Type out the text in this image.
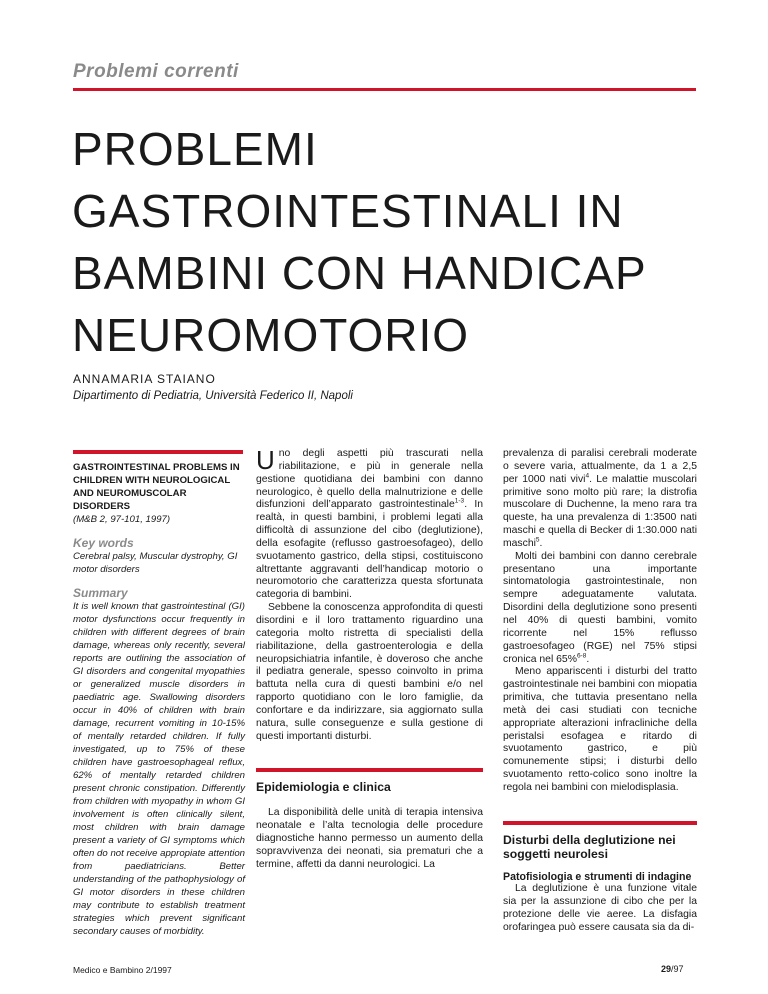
Problemi correnti

PROBLEMI
GASTROINTESTINALI IN
BAMBINI CON HANDICAP
NEUROMOTORIO

ANNAMARIA STAIANO

Dipartimento di Pediatria, Università Federico II, Napoli

GASTROINTESTINAL PROBLEMS IN CHILDREN WITH NEUROLOGICAL AND NEUROMUSCOLAR DISORDERS

(M&B 2, 97-101, 1997)

Key words

Cerebral palsy, Muscular dystrophy, GI motor disorders

Summary

It is well known that gastrointestinal (GI) motor dysfunctions occur frequently in children with different degrees of brain damage, whereas only recently, several reports are outlining the association of GI disorders and congenital myopathies or generalized muscle disorders in paediatric age. Swallowing disorders occur in 40% of children with brain damage, recurrent vomiting in 10-15% of mentally retarded children. If fully investigated, up to 75% of these children have gastroesophageal reflux, 62% of mentally retarded children present chronic constipation. Differently from children with myopathy in whom GI involvement is often clinically silent, most children with brain damage present a variety of GI symptoms which often do not receive appropiate attention from paediatricians. Better understanding of the pathophysiology of GI motor disorders in these children may contribute to establish treatment strategies which prevent significant secondary causes of morbidity.

Uno degli aspetti più trascurati nella riabilitazione, e più in generale nella gestione quotidiana dei bambini con danno neurologico, è quello della malnutrizione e delle disfunzioni dell’apparato gastrointestinale$^{1-3}$. In realtà, in questi bambini, i problemi legati alla difficoltà di assunzione del cibo (deglutizione), della esofagite (reflusso gastroesofageo), dello svuotamento gastrico, della stipsi, costituiscono altrettante aggravanti dell’handicap motorio o neuromotorio che caratterizza questa sfortunata categoria di bambini.

Sebbene la conoscenza approfondita di questi disordini e il loro trattamento riguardino una categoria molto ristretta di specialisti della riabilitazione, della gastroenterologia e della neuropsichiatria infantile, è doveroso che anche il pediatra generale, spesso coinvolto in prima battuta nella cura di questi bambini e/o nel rapporto quotidiano con le loro famiglie, da confortare e da indirizzare, sia aggiornato sulla natura, sulle conseguenze e sulla gestione di questi importanti disturbi.

Epidemiologia e clinica

La disponibilità delle unità di terapia intensiva neonatale e l’alta tecnologia delle procedure diagnostiche hanno permesso un aumento della sopravvivenza dei neonati, sia prematuri che a termine, affetti da danni neurologici. La

prevalenza di paralisi cerebrali moderate o severe varia, attualmente, da 1 a 2,5 per 1000 nati vivi$^4$. Le malattie muscolari primitive sono molto più rare; la distrofia muscolare di Duchenne, la meno rara tra queste, ha una prevalenza di 1:3500 nati maschi e quella di Becker di 1:30.000 nati maschi$^5$.

Molti dei bambini con danno cerebrale presentano una importante sintomatologia gastrointestinale, non sempre adeguatamente valutata. Disordini della deglutizione sono presenti nel 40% di questi bambini, vomito ricorrente nel 15% reflusso gastroesofageo (RGE) nel 75% stipsi cronica nel 65%$^{6-8}$.

Meno appariscenti i disturbi del tratto gastrointestinale nei bambini con miopatia primitiva, che tuttavia presentano nella metà dei casi studiati con tecniche appropriate alterazioni infracliniche della peristalsi esofagea e ritardo di svuotamento gastrico, e più comunemente stipsi; i disturbi dello svuotamento retto-colico sono inoltre la regola nei bambini con mielodisplasia.

Disturbi della deglutizione nei soggetti neurolesi
Patofisiologia e strumenti di indagine

La deglutizione è una funzione vitale sia per la assunzione di cibo che per la protezione delle vie aeree. La disfagia orofaringea può essere causata sia da di-

Medico e Bambino 2/1997	29/97
